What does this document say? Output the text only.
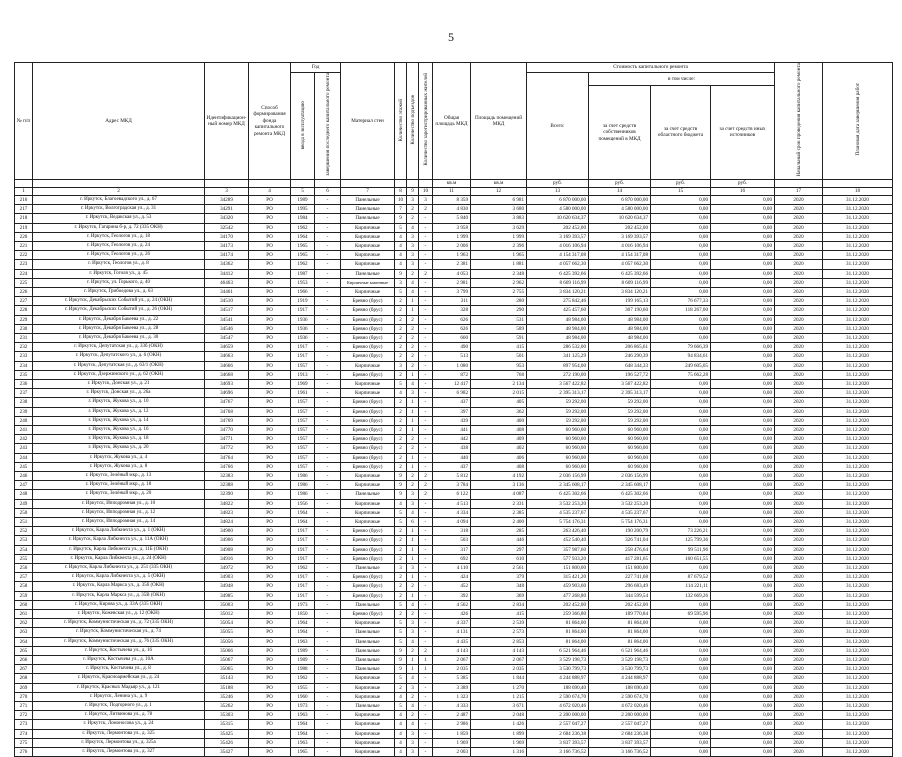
5
№ п/п	Адрес МКД	Идентификацион-ный номер МКД	Способ формирования фонда капитального ремонта МКД	Год		Материал стен	Количество этажей	Количество подъездов	Количество зарегистрированных жителей	Общая площадь МКД	Площадь помещений МКД	Стоимость капитального ремонта				Начальный срок проведения капитального ремонта	Плановая дата завершения работ
				ввода в эксплуатацию	завершения последнего капитального ремонта							Всего:	в том числе:				
													за счет средств собственников помещений в МКД	за счет средств областного бюджета	за счет средств иных источников		
										кв.м	кв.м	руб.	руб.	руб.	руб.		
1	2	3	4	5	6	7	8	9	10	11	12	13	14	15	16	17	18
216	г. Иркутск, Благоевадского ул., д. 67	34289	РО	1989	-	Панельные	10	3	3	8 359	6 981	6 870 000,00	6 870 000,00	0,00	0,00	2020	31.12.2020
217	г. Иркутск, Волгоградская ул., д. 31	34291	РО	1995	-	Панельные	7	2	2	4 830	3 680	4 580 000,00	4 580 000,00	0,00	0,00	2020	31.12.2020
218	г. Иркутск, Ведакская ул., д. 53	34320	РО	1984	-	Панельные	9	2	-	5 840	3 883	10 620 634,37	10 620 634,37	0,00	0,00	2020	31.12.2020
219	г. Иркутск, Гагарина б-р, д. 72 (335 ОКН)	32542	РО	1962	-	Кирпичные	5	4	-	3 958	3 629	202 452,00	202 452,00	0,00	0,00	2020	31.12.2020
220	г. Иркутск, Геологов ул., д. 18	34170	РО	1964	-	Кирпичные	4	3	-	1 999	1 999	3 169 393,57	3 169 393,57	0,00	0,00	2020	31.12.2020
221	г. Иркутск, Геологов ул., д. 24	34173	РО	1965	-	Кирпичные	4	3	-	2 006	2 396	4 016 106,94	4 016 106,94	0,00	0,00	2020	31.12.2020
222	г. Иркутск, Геологов ул., д. 26	34174	РО	1965	-	Кирпичные	4	3	-	1 963	1 965	4 154 317,08	4 154 317,08	0,00	0,00	2020	31.12.2020
223	г. Иркутск, Геологов ул., д. 8	34362	РО	1962	-	Кирпичные	4	3	-	2 381	1 881	4 057 662,30	4 057 662,30	0,00	0,00	2020	31.12.2020
224	г. Иркутск, Гоголя ул., д. 45	34412	РО	1987	-	Панельные	9	2	2	4 053	2 348	6 425 392,66	6 425 392,66	0,00	0,00	2020	31.12.2020
225	г. Иркутск, ул. Горького, д. 40	46463	РО	1953	-	Кирпичные каменные	3	4	-	2 981	2 962	8 609 116,99	8 609 116,99	0,00	0,00	2020	31.12.2020
226	г. Иркутск, Грибоедова ул., д. 63	34461	РО	1966	-	Кирпичные	5	4	-	3 799	2 755	3 834 120,21	3 834 120,21	0,00	0,00	2020	31.12.2020
227	г. Иркутск, Декабрьских Событий ул., д. 24 (ОКН)	34510	РО	1919	-	Бревно (брус)	2	1	-	311	280	275 842,46	199 165,13	76 677,33	0,00	2020	31.12.2020
228	г. Иркутск, Декабрьских Событий ул., д. 26 (ОКН)	34517	РО	1917	-	Бревно (брус)	2	1	-	328	290	425 457,60	307 190,60	118 267,00	0,00	2020	31.12.2020
229	г. Иркутск, Декабря Бакеева ул., д. 22	34541	РО	1936	-	Бревно (брус)	2	2	-	626	531	48 984,00	48 984,00	0,00	0,00	2020	31.12.2020
230	г. Иркутск, Декабря Бакеева ул., д. 28	34546	РО	1936	-	Бревно (брус)	2	2	-	626	589	48 984,00	48 984,00	0,00	0,00	2020	31.12.2020
231	г. Иркутск, Декабря Бакеева ул., д. 30	34547	РО	1936	-	Бревно (брус)	2	2	-	660	591	48 984,00	48 984,00	0,00	0,00	2020	31.12.2020
232	г. Иркутск, Депутатская ул., д. 33б (ОКН)	34659	РО	1917	-	Бревно (брус)	2	2	-	490	415	286 532,00	206 865,61	79 666,39	0,00	2020	31.12.2020
233	г. Иркутск, Депутатского ул., д. 6 (ОКН)	34663	РО	1917	-	Бревно (брус)	2	2	-	513	501	341 125,29	246 290,39	94 834,61	0,00	2020	31.12.2020
234	г. Иркутск, Депутатская ул., д. 63/1 (ОКН)	34666	РО	1957	-	Кирпичные	3	2	-	1 080	953	897 954,00	648 344,33	249 605,05	0,00	2020	31.12.2020
235	г. Иркутск, Дзержинского ул., д. 62 (ОКН)	34668	РО	1913	-	Бревно (брус)	2	1	-	872	768	272 190,00	196 527,72	75 662,28	0,00	2020	31.12.2020
236	г. Иркутск, Донская ул., д. 21	34693	РО	1969	-	Кирпичные	5	4	-	12 417	2 134	3 567 422,82	3 567 422,82	0,00	0,00	2020	31.12.2020
237	г. Иркутск, Донская ул., д. 26а	34696	РО	1961	-	Кирпичные	4	3	-	6 982	2 015	2 395 313,17	2 395 313,17	0,00	0,00	2020	31.12.2020
238	г. Иркутск, Жукова ул., д. 10	34767	РО	1957	-	Бревно (брус)	2	1	-	437	405	59 292,00	59 292,00	0,00	0,00	2020	31.12.2020
239	г. Иркутск, Жукова ул., д. 12	34768	РО	1957	-	Бревно (брус)	2	1	-	397	362	59 292,00	59 292,00	0,00	0,00	2020	31.12.2020
240	г. Иркутск, Жукова ул., д. 14	34769	РО	1957	-	Бревно (брус)	2	1	-	439	400	59 292,00	59 292,00	0,00	0,00	2020	31.12.2020
241	г. Иркутск, Жукова ул., д. 16	34770	РО	1957	-	Бревно (брус)	2	1	-	441	408	60 960,00	60 960,00	0,00	0,00	2020	31.12.2020
242	г. Иркутск, Жукова ул., д. 18	34771	РО	1957	-	Бревно (брус)	2	2	-	442	409	60 960,00	60 960,00	0,00	0,00	2020	31.12.2020
243	г. Иркутск, Жукова ул., д. 20	34772	РО	1957	-	Бревно (брус)	2	2	-	438	402	60 960,00	60 960,00	0,00	0,00	2020	31.12.2020
244	г. Иркутск, Жукова ул., д. 4	34764	РО	1957	-	Бревно (брус)	2	1	-	440	406	60 960,00	60 960,00	0,00	0,00	2020	31.12.2020
245	г. Иркутск, Жукова ул., д. 8	34766	РО	1957	-	Бревно (брус)	2	1	-	437	408	60 960,00	60 960,00	0,00	0,00	2020	31.12.2020
246	г. Иркутск, Зелёный мкр., д. 13	32383	РО	1986	-	Кирпичные	9	2	2	5 812	4 192	2 036 156,99	2 036 156,99	0,00	0,00	2020	31.12.2020
247	г. Иркутск, Зелёный мкр., д. 18	32388	РО	1986	-	Кирпичные	9	2	2	3 784	3 136	2 345 608,17	2 345 608,17	0,00	0,00	2020	31.12.2020
248	г. Иркутск, Зелёный мкр., д. 20	32390	РО	1986	-	Панельные	9	3	2	6 122	4 087	6 425 302,66	6 425 302,66	0,00	0,00	2020	31.12.2020
249	г. Иркутск, Ипподромная ул., д. 10	34822	РО	1956	-	Кирпичные	4	3	-	4 513	2 331	3 532 253,20	3 532 253,20	0,00	0,00	2020	31.12.2020
250	г. Иркутск, Ипподромная ул., д. 12	34823	РО	1964	-	Кирпичные	5	4	-	4 334	2 385	4 535 237,67	4 535 237,67	0,00	0,00	2020	31.12.2020
251	г. Иркутск, Ипподромная ул., д. 14	34824	РО	1964	-	Кирпичные	5	6	-	4 094	2 400	5 754 176,31	5 754 176,31	0,00	0,00	2020	31.12.2020
252	г. Иркутск, Карла Либкнехта ул., д. 1 (ОКН)	34900	РО	1917	-	Бревно (брус)	2	1	-	318	285	263 426,40	190 200,79	73 226,21	0,00	2020	31.12.2020
253	г. Иркутск, Карла Либкнехта ул., д. 11А (ОКН)	34906	РО	1917	-	Бревно (брус)	2	1	-	503	446	452 540,40	326 741,04	125 799,36	0,00	2020	31.12.2020
254	г. Иркутск, Карла Либкнехта ул., д. 11Б (ОКН)	34908	РО	1917	-	Бревно (брус)	2	1	-	317	297	357 987,60	258 476,64	99 511,96	0,00	2020	31.12.2020
255	г. Иркутск, Карла Либкнехта ул., д. 24 (ОКН)	34916	РО	1917	-	Бревно (брус)	2	1	-	692	610	577 933,20	417 281,65	160 651,55	0,00	2020	31.12.2020
256	г. Иркутск, Карла Либкнехта ул., д. 251 (335 ОКН)	34972	РО	1962	-	Панельные	3	3	-	4 110	2 561	151 800,00	151 800,00	0,00	0,00	2020	31.12.2020
257	г. Иркутск, Карла Либкнехта ул., д. 5 (ОКН)	34903	РО	1917	-	Бревно (брус)	2	1	-	424	379	315 421,20	227 741,68	87 679,52	0,00	2020	31.12.2020
258	г. Иркутск, Карла Маркса ул., д. 35б (ОКН)	34948	РО	1917	-	Бревно (брус)	2	2	-	452	348	459 903,60	296 683,49	114 221,11	0,00	2020	31.12.2020
259	г. Иркутск, Карла Маркса ул., д. 35В (ОКН)	34985	РО	1917	-	Бревно (брус)	2	1	-	392	369	477 268,80	344 599,54	132 669,26	0,00	2020	31.12.2020
260	г. Иркутск, Кирова ул., д. 33А (335 ОКН)	35003	РО	1973	-	Панельные	5	4	-	4 562	2 834	202 452,00	202 452,00	0,00	0,00	2020	31.12.2020
261	г. Иркутск, Кожевская ул., д. 12 (ОКН)	35012	РО	1850	-	Бревно (брус)	2	2	-	426	415	259 366,80	189 770,84	69 595,96	0,00	2020	31.12.2020
262	г. Иркутск, Коммунистическая ул., д. 72 (335 ОКН)	35054	РО	1964	-	Кирпичные	5	3	-	4 337	2 539	81 864,00	81 864,00	0,00	0,00	2020	31.12.2020
263	г. Иркутск, Коммунистическая ул., д. 74	35055	РО	1964	-	Панельные	5	3	-	4 131	2 573	81 864,00	81 864,00	0,00	0,00	2020	31.12.2020
264	г. Иркутск, Коммунистическая ул., д. 76 (335 ОКН)	35056	РО	1963	-	Панельные	5	4	-	4 435	2 853	81 864,00	81 864,00	0,00	0,00	2020	31.12.2020
265	г. Иркутск, Костычева ул., д. 16	35066	РО	1989	-	Панельные	9	2	2	4 143	4 143	6 521 964,46	6 521 964,46	0,00	0,00	2020	31.12.2020
266	г. Иркутск, Костычева ул., д. 10А	35067	РО	1989	-	Панельные	9	1	1	2 067	2 067	3 529 198,73	3 529 198,73	0,00	0,00	2020	31.12.2020
267	г. Иркутск, Костычева ул., д. 8	35065	РО	1988	-	Панельные	9	1	1	2 035	2 035	3 530 799,73	3 530 799,73	0,00	0,00	2020	31.12.2020
268	г. Иркутск, Красноармейская ул., д. 24	35143	РО	1962	-	Кирпичные	5	4	-	5 385	1 844	4 244 888,97	4 244 888,97	0,00	0,00	2020	31.12.2020
269	г. Иркутск, Красных Мадьяр ул., д. 121	35188	РО	1955	-	Кирпичные	2	3	-	3 389	1 270	188 690,40	188 690,40	0,00	0,00	2020	31.12.2020
270	г. Иркутск, Ленина ул., д. 9	35246	РО	1960	-	Кирпичные	4	2	-	1 323	1 215	2 590 674,70	2 590 674,70	0,00	0,00	2020	31.12.2020
271	г. Иркутск, Подгорного ул., д. 1	35262	РО	1973	-	Панельные	5	4	-	4 333	3 671	4 672 020,46	4 672 020,46	0,00	0,00	2020	31.12.2020
272	г. Иркутск, Литвинова ул., д. 78	35303	РО	1963	-	Кирпичные	4	2	-	2 487	2 048	2 200 000,00	2 200 000,00	0,00	0,00	2020	31.12.2020
273	г. Иркутск, Ломоносова ул., д. 24	35315	РО	1964	-	Кирпичные	4	4	-	2 986	1 426	2 557 047,27	2 557 047,27	0,00	0,00	2020	31.12.2020
274	г. Иркутск, Лермонтова ул., д. 325	35425	РО	1964	-	Кирпичные	4	3	-	1 859	1 899	2 684 236,38	2 684 236,38	0,00	0,00	2020	31.12.2020
275	г. Иркутск, Лермонтова ул., д. 325а	35426	РО	1963	-	Кирпичные	4	3	-	1 969	1 969	3 837 393,57	3 837 393,57	0,00	0,00	2020	31.12.2020
276	г. Иркутск, Лермонтова ул., д. 327	35427	РО	1965	-	Кирпичные	4	3	-	2 003	1 316	3 166 736,52	3 166 736,52	0,00	0,00	2020	31.12.2020
